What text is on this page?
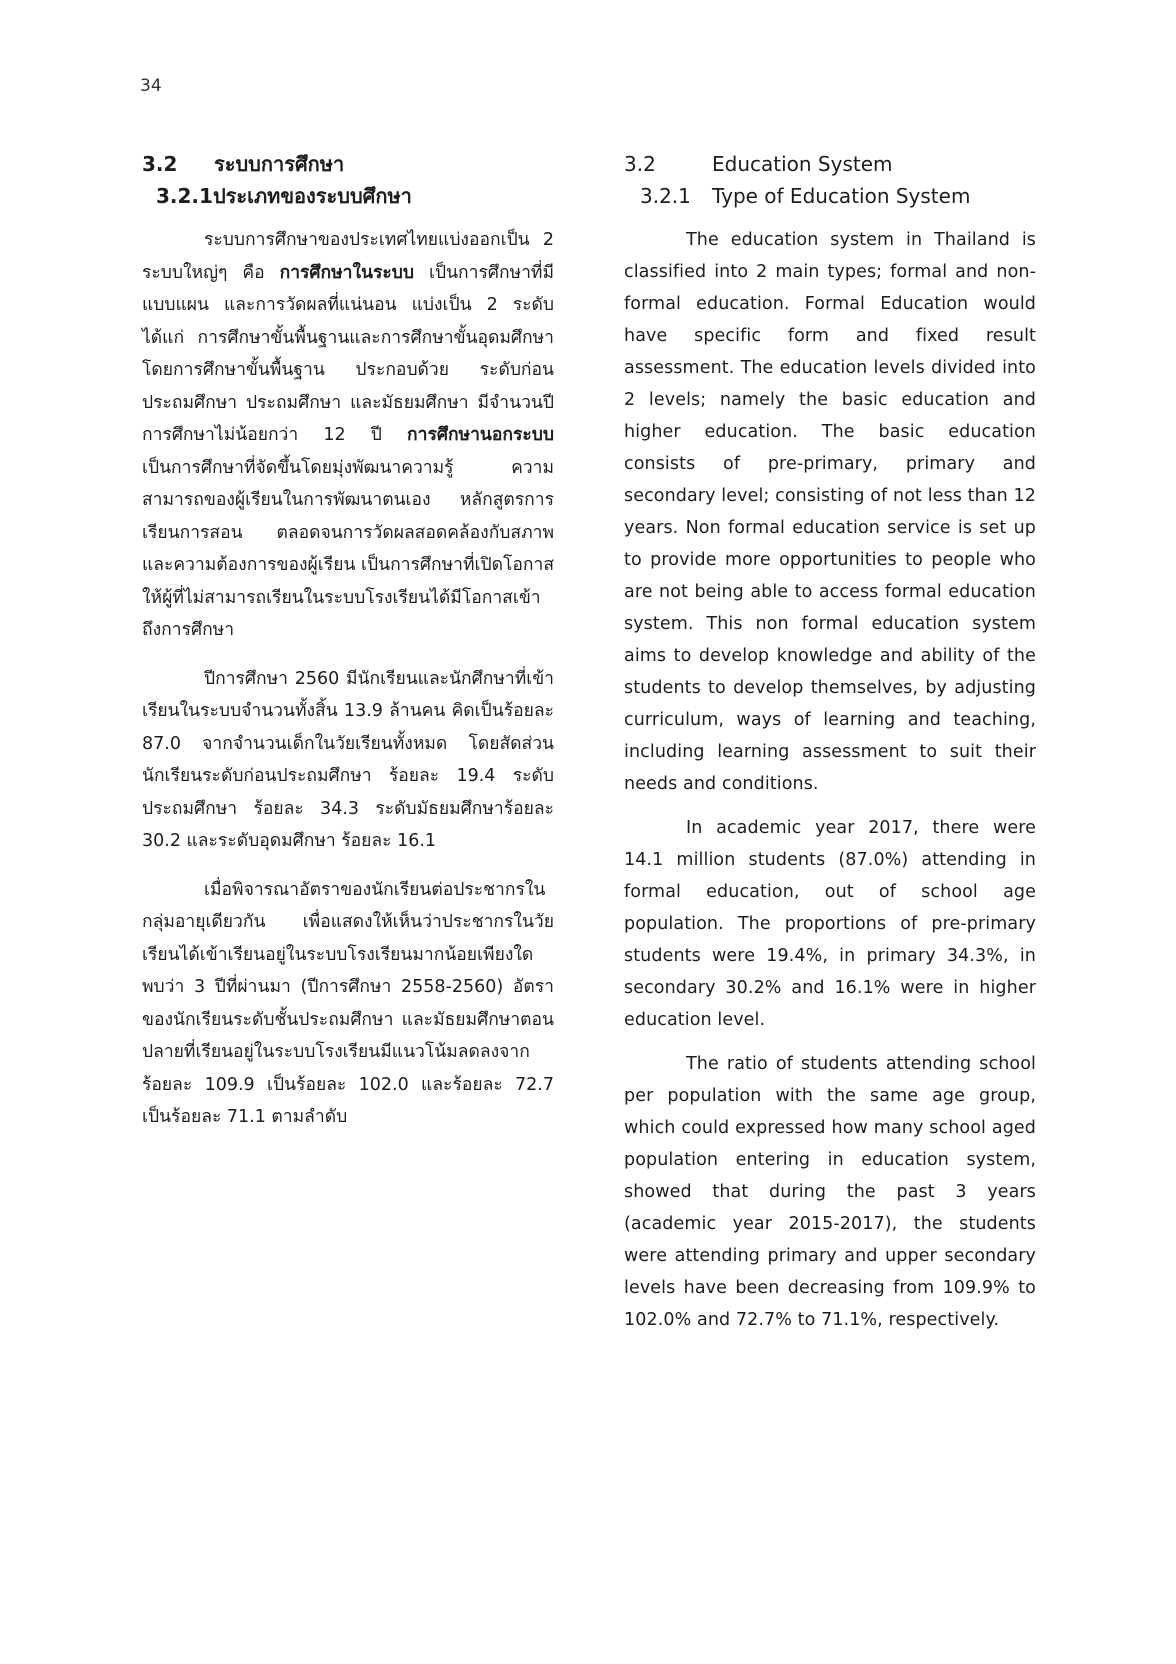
34
3.2	ระบบการศึกษา
3.2.1 ประเภทของระบบศึกษา

ระบบการศึกษาของประเทศไทยแบ่งออกเป็น 2 ระบบใหญ่ๆ คือ การศึกษาในระบบ เป็นการศึกษาที่มีแบบแผน และการวัดผลที่แน่นอน แบ่งเป็น 2 ระดับ ได้แก่ การศึกษาขั้นพื้นฐานและการศึกษาขั้นอุดมศึกษา โดยการศึกษาขั้นพื้นฐาน ประกอบด้วย ระดับก่อนประถมศึกษา ประถมศึกษา และมัธยมศึกษา มีจำนวนปีการศึกษาไม่น้อยกว่า 12 ปี การศึกษานอกระบบ เป็นการศึกษาที่จัดขึ้นโดยมุ่งพัฒนาความรู้ ความสามารถของผู้เรียนในการพัฒนาตนเอง หลักสูตรการเรียนการสอน ตลอดจนการวัดผลสอดคล้องกับสภาพและความต้องการของผู้เรียน เป็นการศึกษาที่เปิดโอกาสให้ผู้ที่ไม่สามารถเรียนในระบบโรงเรียนได้มีโอกาสเข้าถึงการศึกษา

ปีการศึกษา 2560 มีนักเรียนและนักศึกษาที่เข้าเรียนในระบบจำนวนทั้งสิ้น 13.9 ล้านคน คิดเป็นร้อยละ 87.0 จากจำนวนเด็กในวัยเรียนทั้งหมด โดยสัดส่วนนักเรียนระดับก่อนประถมศึกษา ร้อยละ 19.4 ระดับประถมศึกษา ร้อยละ 34.3 ระดับมัธยมศึกษาร้อยละ 30.2 และระดับอุดมศึกษา ร้อยละ 16.1

เมื่อพิจารณาอัตราของนักเรียนต่อประชากรในกลุ่มอายุเดียวกัน เพื่อแสดงให้เห็นว่าประชากรในวัยเรียนได้เข้าเรียนอยู่ในระบบโรงเรียนมากน้อยเพียงใด พบว่า 3 ปีที่ผ่านมา (ปีการศึกษา 2558-2560) อัตราของนักเรียนระดับชั้นประถมศึกษา และมัธยมศึกษาตอนปลายที่เรียนอยู่ในระบบโรงเรียนมีแนวโน้มลดลงจากร้อยละ 109.9 เป็นร้อยละ 102.0 และร้อยละ 72.7 เป็นร้อยละ 71.1 ตามลำดับ

3.2	Education System
3.2.1	Type of Education System

The education system in Thailand is classified into 2 main types; formal and non-formal education. Formal Education would have specific form and fixed result assessment. The education levels divided into 2 levels; namely the basic education and higher education. The basic education consists of pre-primary, primary and secondary level; consisting of not less than 12 years. Non formal education service is set up to provide more opportunities to people who are not being able to access formal education system. This non formal education system aims to develop knowledge and ability of the students to develop themselves, by adjusting curriculum, ways of learning and teaching, including learning assessment to suit their needs and conditions.

In academic year 2017, there were 14.1 million students (87.0%) attending in formal education, out of school age population. The proportions of pre-primary students were 19.4%, in primary 34.3%, in secondary 30.2% and 16.1% were in higher education level.

The ratio of students attending school per population with the same age group, which could expressed how many school aged population entering in education system, showed that during the past 3 years (academic year 2015-2017), the students were attending primary and upper secondary levels have been decreasing from 109.9% to 102.0% and 72.7% to 71.1%, respectively.
